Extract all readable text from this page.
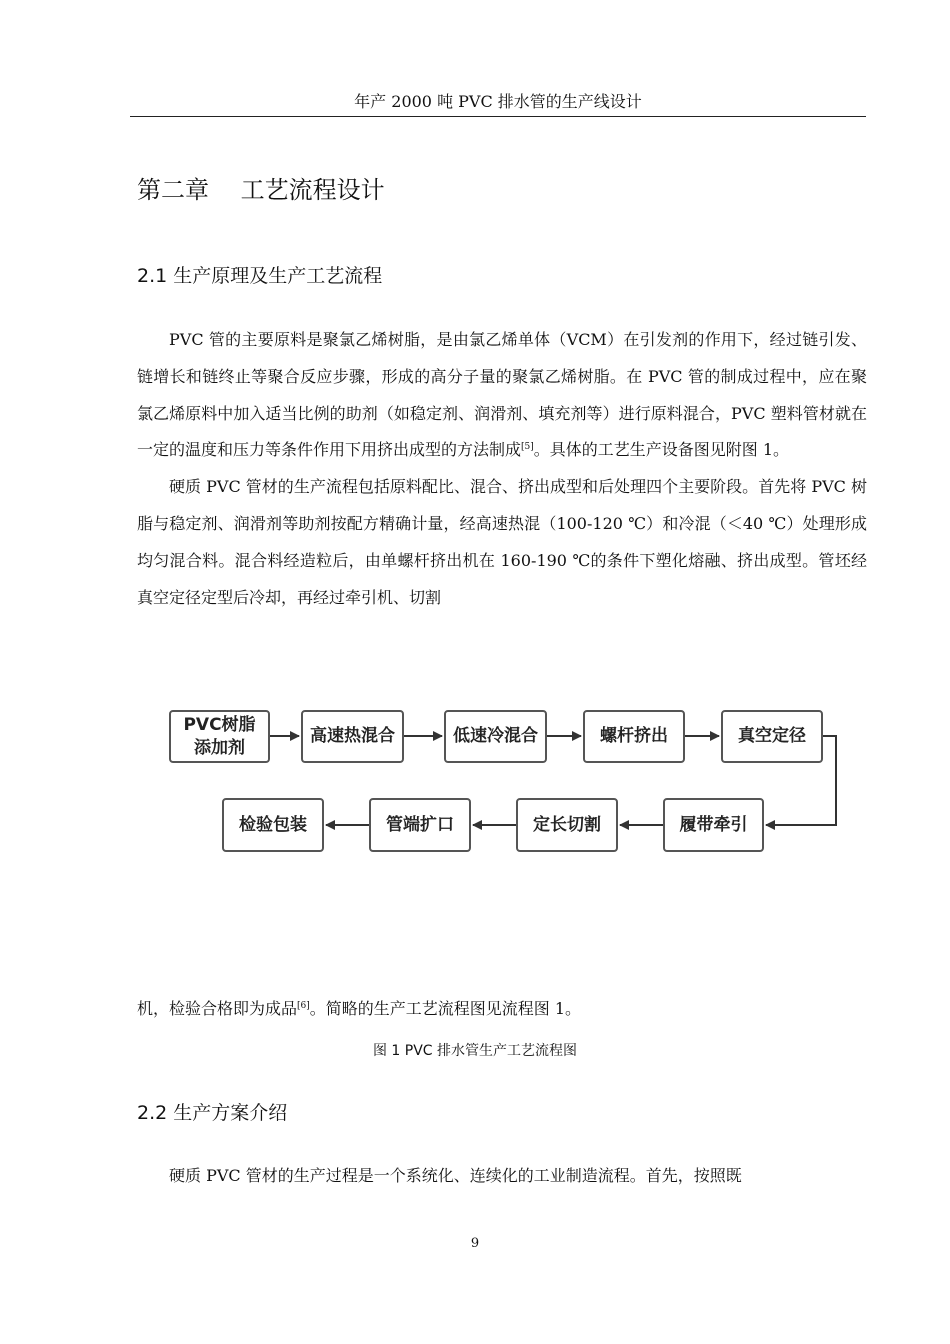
年产 2000 吨 PVC 排水管的生产线设计
第二章　 工艺流程设计
2.1 生产原理及生产工艺流程

PVC 管的主要原料是聚氯乙烯树脂，是由氯乙烯单体（VCM）在引发剂的作用下，经过链引发、链增长和链终止等聚合反应步骤，形成的高分子量的聚氯乙烯树脂。在 PVC 管的制成过程中，应在聚氯乙烯原料中加入适当比例的助剂（如稳定剂、润滑剂、填充剂等）进行原料混合，PVC 塑料管材就在一定的温度和压力等条件作用下用挤出成型的方法制成[5]。具体的工艺生产设备图见附图 1。

硬质 PVC 管材的生产流程包括原料配比、混合、挤出成型和后处理四个主要阶段。首先将 PVC 树脂与稳定剂、润滑剂等助剂按配方精确计量，经高速热混（100-120 ℃）和冷混（＜40 ℃）处理形成均匀混合料。混合料经造粒后，由单螺杆挤出机在 160-190 ℃的条件下塑化熔融、挤出成型。管坯经真空定径定型后冷却，再经过牵引机、切割

PVC树脂添加剂
高速热混合	低速冷混合	螺杆挤出	真空定径
履带牵引
定长切割
管端扩口
检验包装
机，检验合格即为成品[6]。简略的生产工艺流程图见流程图 1。
图 1 PVC 排水管生产工艺流程图
2.2 生产方案介绍

硬质 PVC 管材的生产过程是一个系统化、连续化的工业制造流程。首先，按照既

9
